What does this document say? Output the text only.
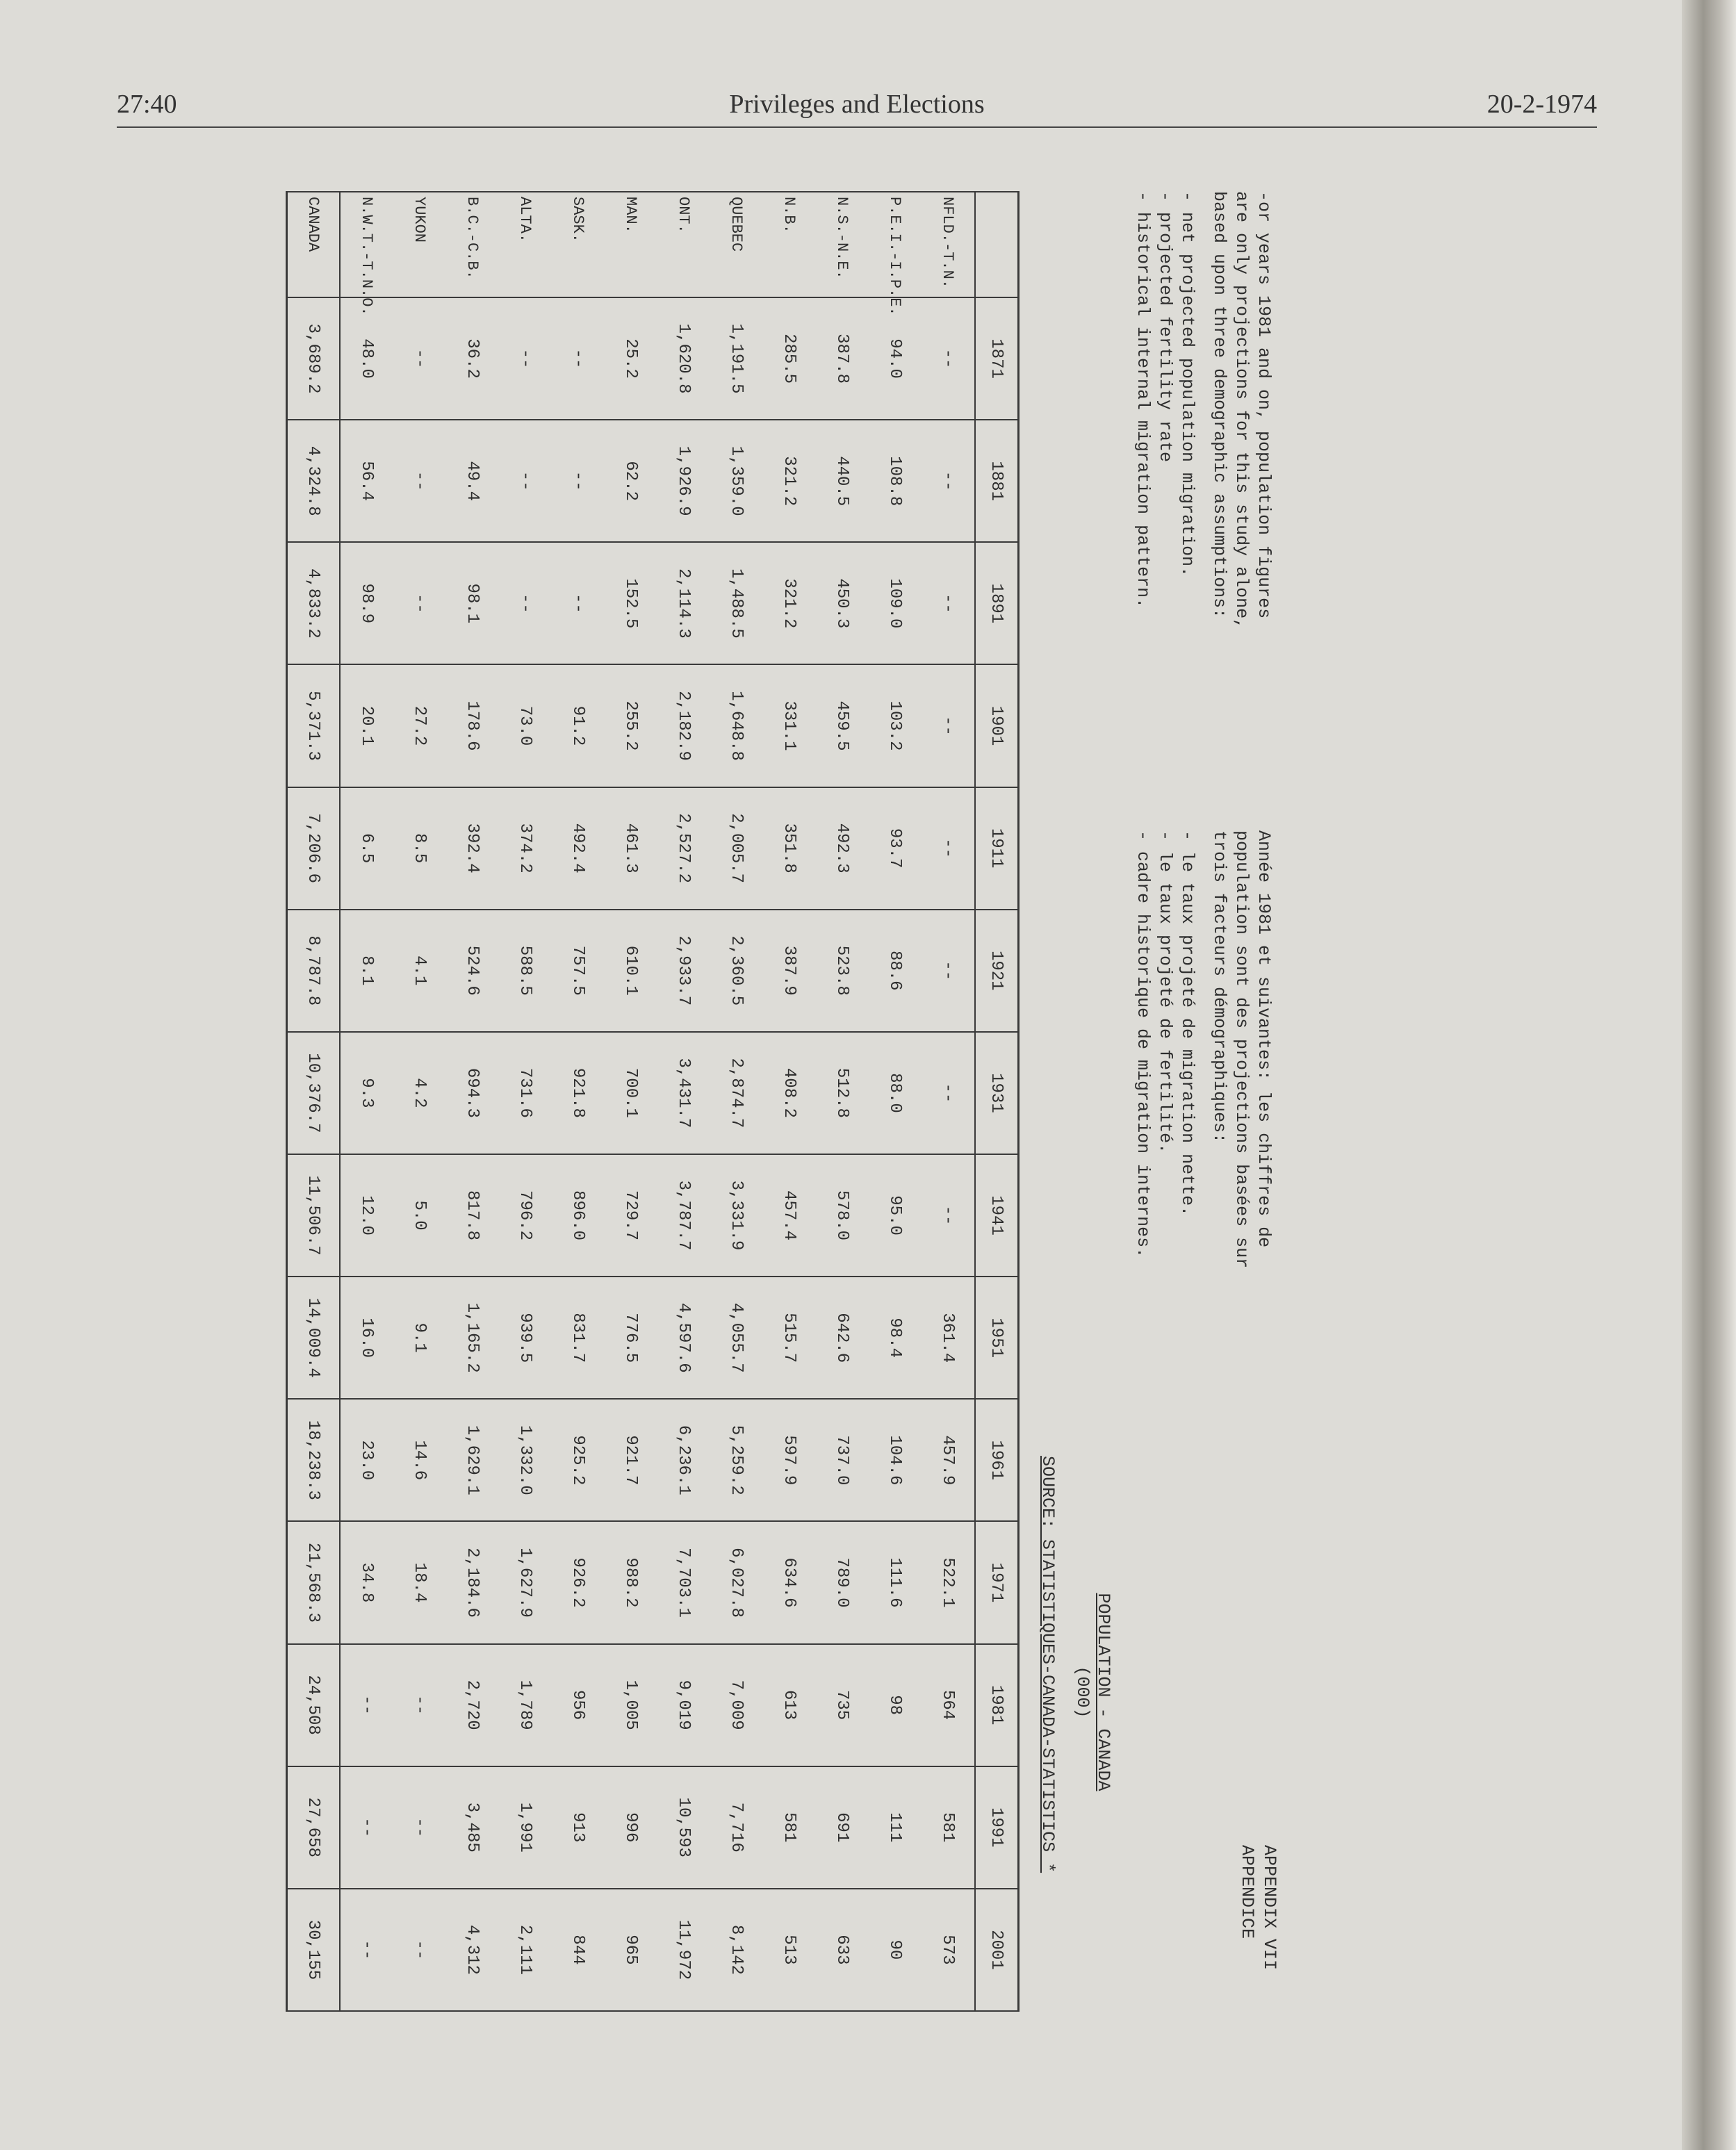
27:40	Privileges and Elections	20-2-1974
-or years 1981 and on, population figures
are only projections for this study alone,
based upon three demographic assumptions:
- net projected population migration.
- projected fertility rate
- historical internal migration pattern.
Année 1981 et suivantes: les chiffres de
population sont des projections basées sur
trois facteurs démographiques:
- le taux projeté de migration nette.
- le taux projeté de fertilité.
- cadre historique de migration internes.
POPULATION - CANADA
(000)
SOURCE: STATISTIQUES-CANADA-STATISTICS *
APPENDIX VII
APPENDICE
	1871	1881	1891	1901	1911	1921	1931	1941	1951	1961	1971	1981	1991	2001
NFLD.-T.N.	--	--	--	--	--	--	--	--	361.4	457.9	522.1	564	581	573
P.E.I.-I.P.E.	94.0	108.8	109.0	103.2	93.7	88.6	88.0	95.0	98.4	104.6	111.6	98	111	90
N.S.-N.E.	387.8	440.5	450.3	459.5	492.3	523.8	512.8	578.0	642.6	737.0	789.0	735	691	633
N.B.	285.5	321.2	321.2	331.1	351.8	387.9	408.2	457.4	515.7	597.9	634.6	613	581	513
QUEBEC	1,191.5	1,359.0	1,488.5	1,648.8	2,005.7	2,360.5	2,874.7	3,331.9	4,055.7	5,259.2	6,027.8	7,009	7,716	8,142
ONT.	1,620.8	1,926.9	2,114.3	2,182.9	2,527.2	2,933.7	3,431.7	3,787.7	4,597.6	6,236.1	7,703.1	9,019	10,593	11,972
MAN.	25.2	62.2	152.5	255.2	461.3	610.1	700.1	729.7	776.5	921.7	988.2	1,005	996	965
SASK.	--	--	--	91.2	492.4	757.5	921.8	896.0	831.7	925.2	926.2	956	913	844
ALTA.	--	--	--	73.0	374.2	588.5	731.6	796.2	939.5	1,332.0	1,627.9	1,789	1,991	2,111
B.C.-C.B.	36.2	49.4	98.1	178.6	392.4	524.6	694.3	817.8	1,165.2	1,629.1	2,184.6	2,720	3,485	4,312
YUKON	--	--	--	27.2	8.5	4.1	4.2	5.0	9.1	14.6	18.4	--	--	--
N.W.T.-T.N.O.	48.0	56.4	98.9	20.1	6.5	8.1	9.3	12.0	16.0	23.0	34.8	--	--	--
CANADA	3,689.2	4,324.8	4,833.2	5,371.3	7,206.6	8,787.8	10,376.7	11,506.7	14,009.4	18,238.3	21,568.3	24,508	27,658	30,155
